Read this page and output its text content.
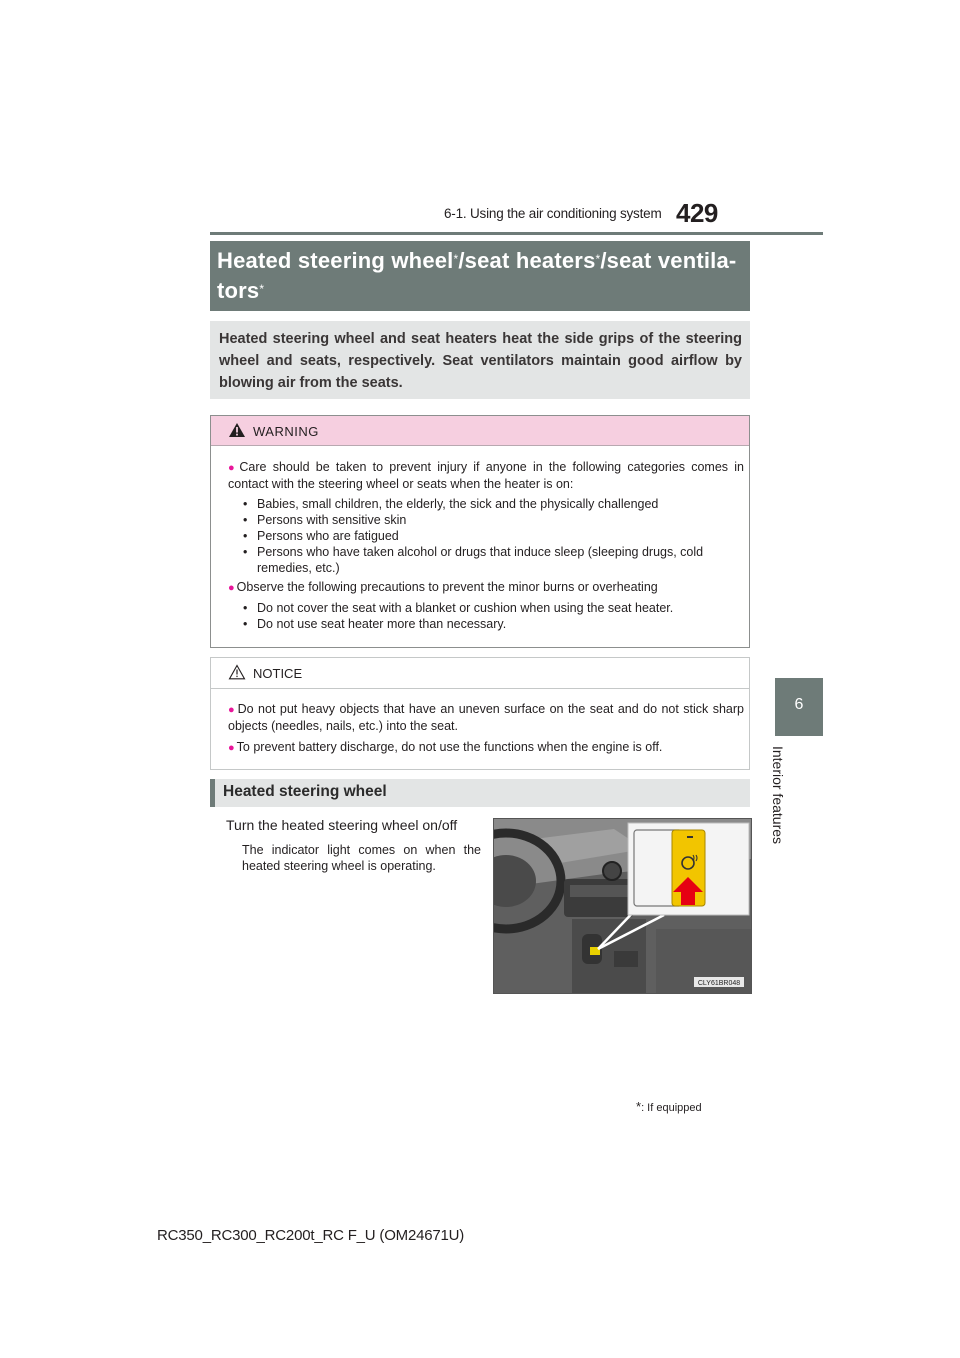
6-1. Using the air conditioning system 429
6
Interior features
Heated steering wheel*/seat heaters*/seat ventila-
tors*

Heated steering wheel and seat heaters heat the side grips of the steering wheel and seats, respectively. Seat ventilators maintain good airflow by blowing air from the seats.

WARNING
● Care should be taken to prevent injury if anyone in the following categories comes in contact with the steering wheel or seats when the heater is on:
• Babies, small children, the elderly, the sick and the physically challenged
• Persons with sensitive skin
• Persons who are fatigued
• Persons who have taken alcohol or drugs that induce sleep (sleeping drugs, cold remedies, etc.)
● Observe the following precautions to prevent the minor burns or overheating
• Do not cover the seat with a blanket or cushion when using the seat heater.
• Do not use seat heater more than necessary.
NOTICE
● Do not put heavy objects that have an uneven surface on the seat and do not stick sharp objects (needles, nails, etc.) into the seat.
● To prevent battery discharge, do not use the functions when the engine is off.
Heated steering wheel
Turn the heated steering wheel on/off
The indicator light comes on when the heated steering wheel is operating.
CLY61BR048
*: If equipped
RC350_RC300_RC200t_RC F_U (OM24671U)
